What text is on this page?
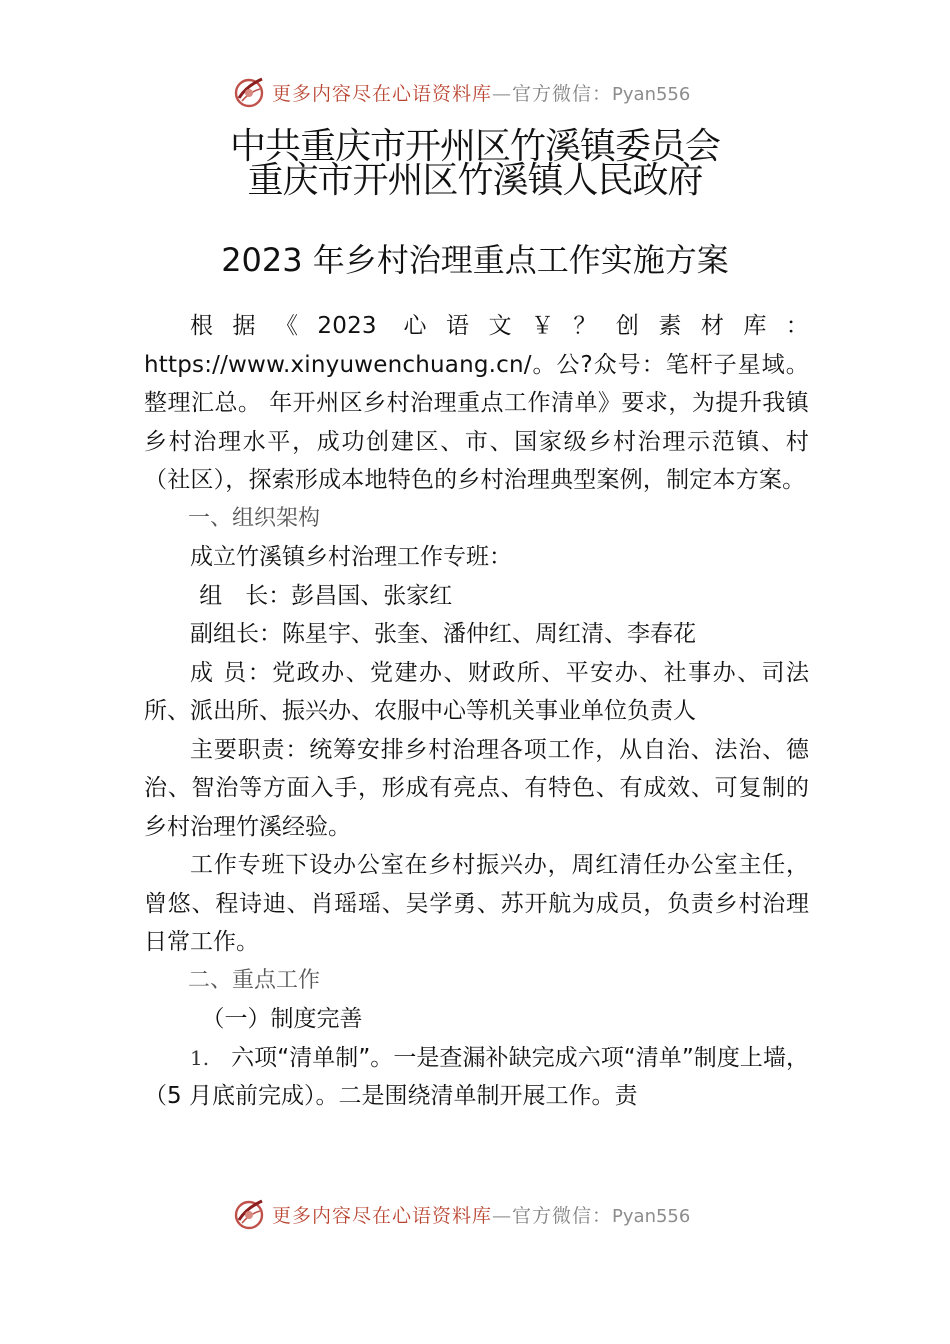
更多内容尽在心语资料库—官方微信：Pyan556
中共重庆市开州区竹溪镇委员会重庆市开州区竹溪镇人民政府
2023 年乡村治理重点工作实施方案

根据《2023 心语文￥？创素材库：https://www.xinyuwenchuang.cn/。公?众号：笔杆子星域。整理汇总。 年开州区乡村治理重点工作清单》要求，为提升我镇乡村治理水平，成功创建区、市、国家级乡村治理示范镇、村（社区），探索形成本地特色的乡村治理典型案例，制定本方案。

一、组织架构

成立竹溪镇乡村治理工作专班：

组　长：彭昌国、张家红

副组长：陈星宇、张奎、潘仲红、周红清、李春花

成 员：党政办、党建办、财政所、平安办、社事办、司法所、派出所、振兴办、农服中心等机关事业单位负责人

主要职责：统筹安排乡村治理各项工作，从自治、法治、德治、智治等方面入手，形成有亮点、有特色、有成效、可复制的乡村治理竹溪经验。

工作专班下设办公室在乡村振兴办，周红清任办公室主任，曾悠、程诗迪、肖瑶瑶、吴学勇、苏开航为成员，负责乡村治理日常工作。

二、重点工作

（一）制度完善

1. 六项“清单制”。一是查漏补缺完成六项“清单”制度上墙，（5 月底前完成）。二是围绕清单制开展工作。责

更多内容尽在心语资料库—官方微信：Pyan556
